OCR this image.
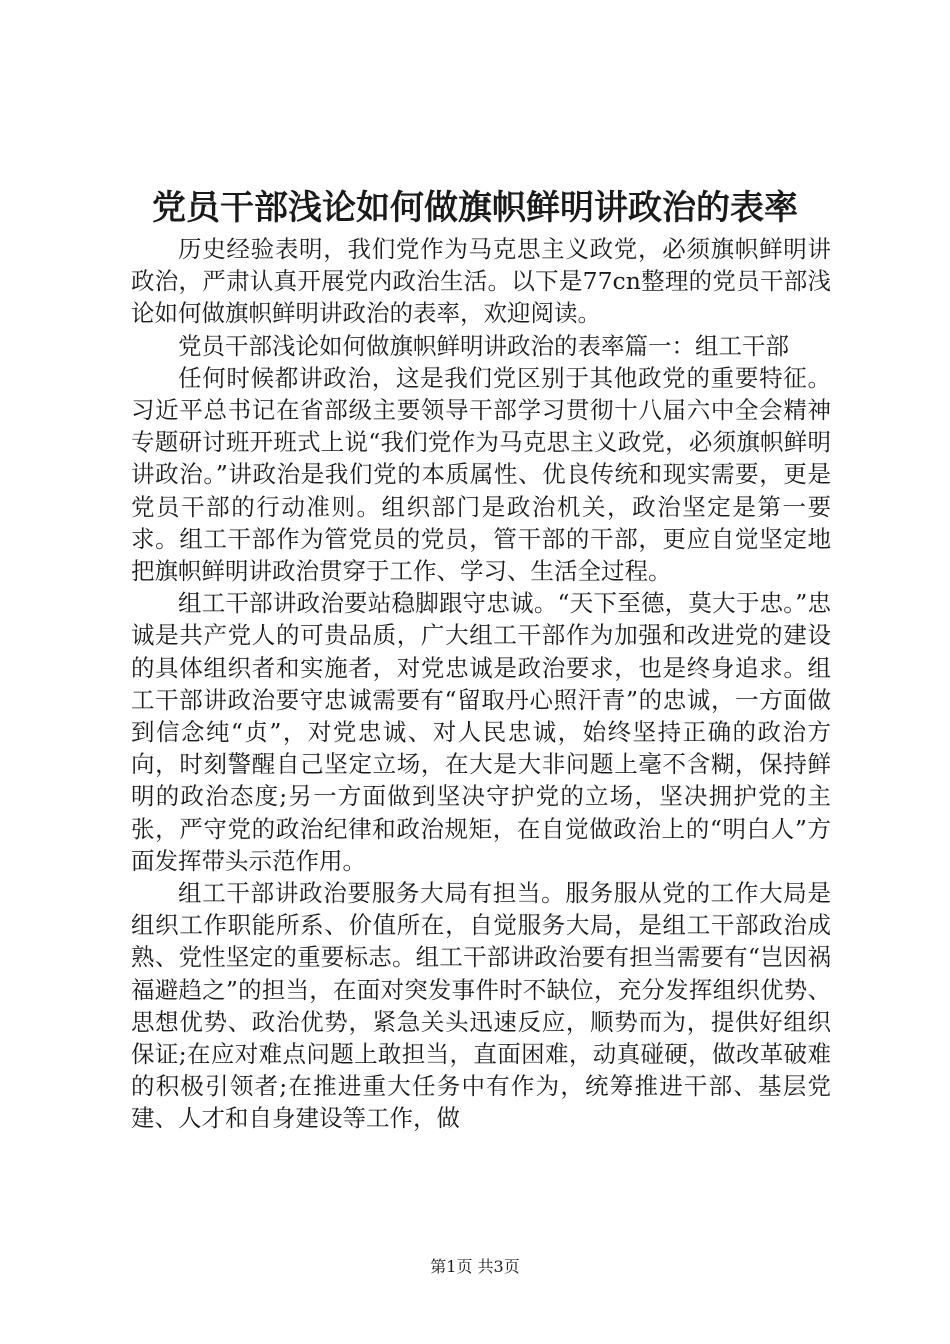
党员干部浅论如何做旗帜鲜明讲政治的表率

历史经验表明，我们党作为马克思主义政党，必须旗帜鲜明讲政治，严肃认真开展党内政治生活。以下是77cn整理的党员干部浅论如何做旗帜鲜明讲政治的表率，欢迎阅读。

党员干部浅论如何做旗帜鲜明讲政治的表率篇一：组工干部

任何时候都讲政治，这是我们党区别于其他政党的重要特征。习近平总书记在省部级主要领导干部学习贯彻十八届六中全会精神专题研讨班开班式上说“我们党作为马克思主义政党，必须旗帜鲜明讲政治。”讲政治是我们党的本质属性、优良传统和现实需要，更是党员干部的行动准则。组织部门是政治机关，政治坚定是第一要求。组工干部作为管党员的党员，管干部的干部，更应自觉坚定地把旗帜鲜明讲政治贯穿于工作、学习、生活全过程。

组工干部讲政治要站稳脚跟守忠诚。“天下至德，莫大于忠。”忠诚是共产党人的可贵品质，广大组工干部作为加强和改进党的建设的具体组织者和实施者，对党忠诚是政治要求，也是终身追求。组工干部讲政治要守忠诚需要有“留取丹心照汗青”的忠诚，一方面做到信念纯“贞”，对党忠诚、对人民忠诚，始终坚持正确的政治方向，时刻警醒自己坚定立场，在大是大非问题上毫不含糊，保持鲜明的政治态度;另一方面做到坚决守护党的立场，坚决拥护党的主张，严守党的政治纪律和政治规矩，在自觉做政治上的“明白人”方面发挥带头示范作用。

组工干部讲政治要服务大局有担当。服务服从党的工作大局是组织工作职能所系、价值所在，自觉服务大局，是组工干部政治成熟、党性坚定的重要标志。组工干部讲政治要有担当需要有“岂因祸福避趋之”的担当，在面对突发事件时不缺位，充分发挥组织优势、思想优势、政治优势，紧急关头迅速反应，顺势而为，提供好组织保证;在应对难点问题上敢担当，直面困难，动真碰硬，做改革破难的积极引领者;在推进重大任务中有作为，统筹推进干部、基层党建、人才和自身建设等工作，做

第1页 共3页
